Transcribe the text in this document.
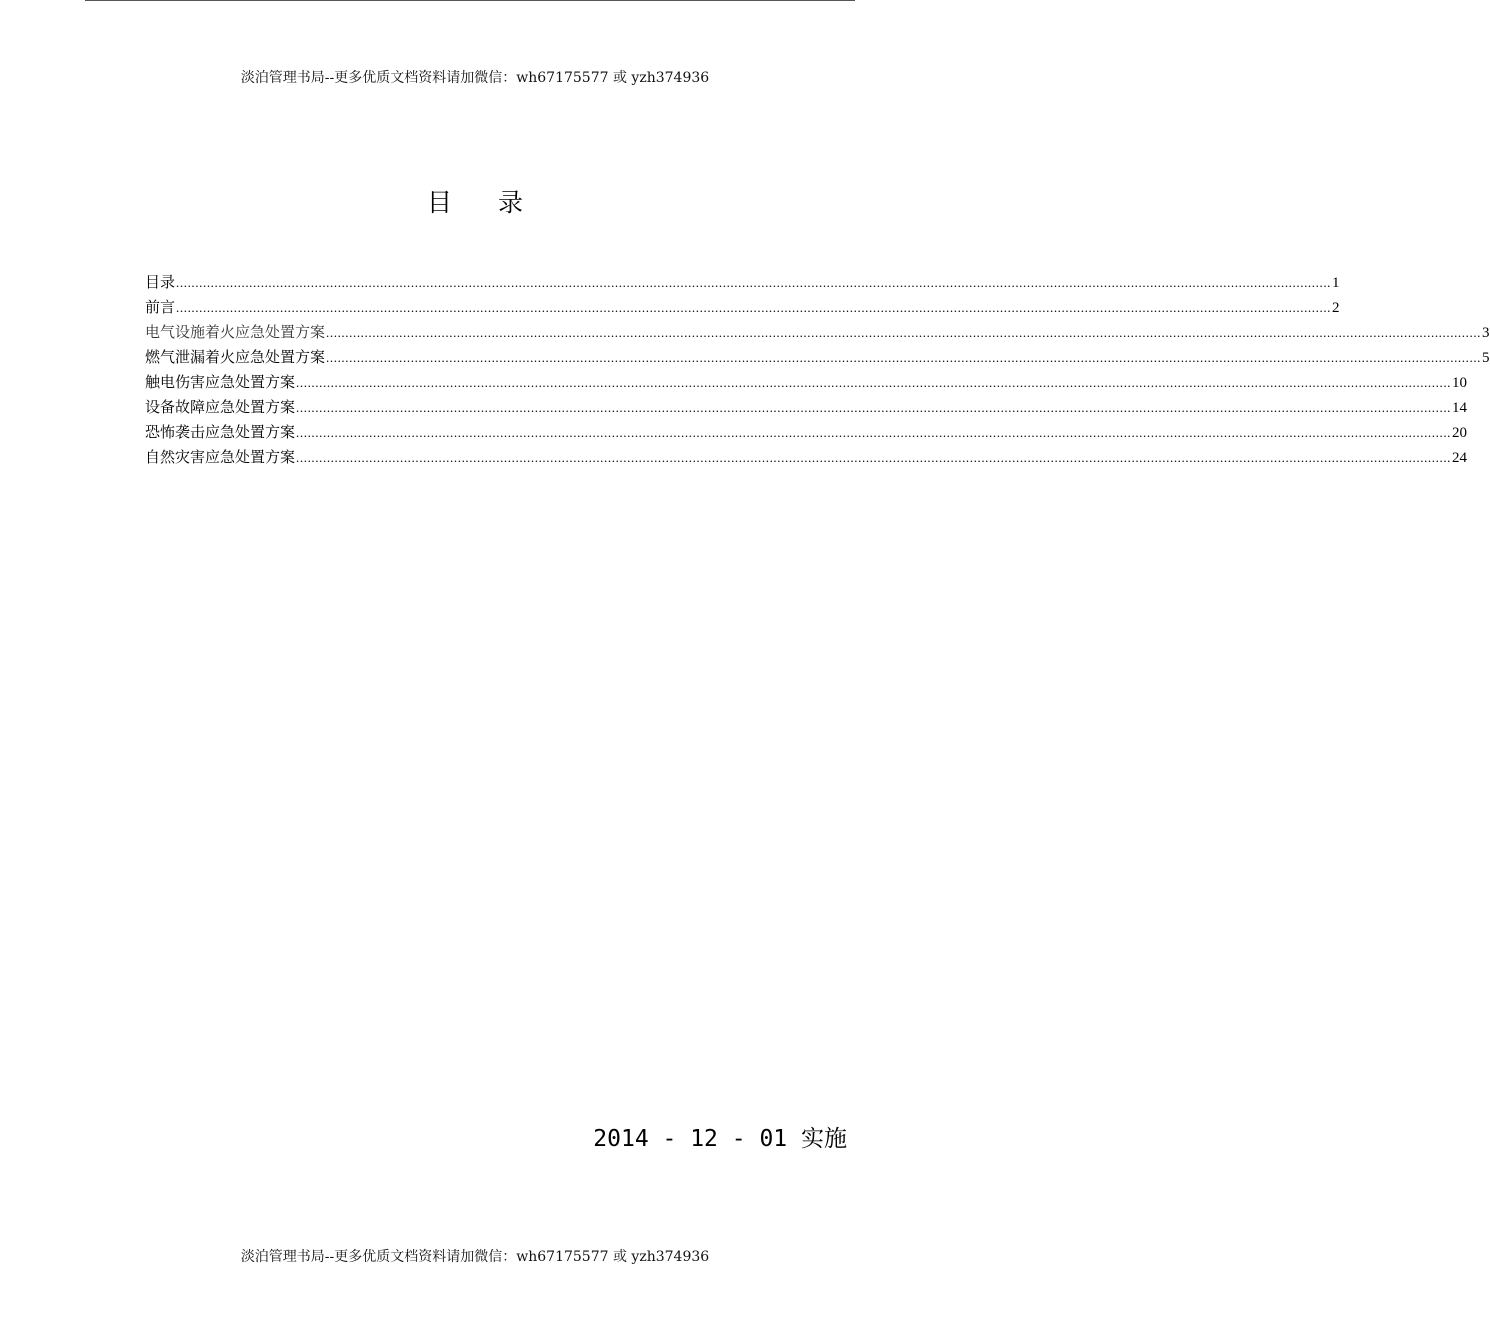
淡泊管理书局--更多优质文档资料请加微信：wh67175577 或 yzh374936
目录
目录 ............................................................................................................................................................................................................................................................................................................ 1
前言 ............................................................................................................................................................................................................................................................................................................ 2
电气设施着火应急处置方案 ............................................................................................................................................................................................................................................................................................................ 3
燃气泄漏着火应急处置方案 ............................................................................................................................................................................................................................................................................................................ 5
触电伤害应急处置方案 ............................................................................................................................................................................................................................................................................................................ 10
设备故障应急处置方案 ............................................................................................................................................................................................................................................................................................................ 14
恐怖袭击应急处置方案 ............................................................................................................................................................................................................................................................................................................ 20
自然灾害应急处置方案 ............................................................................................................................................................................................................................................................................................................ 24
2014 - 12 - 01 实施
淡泊管理书局--更多优质文档资料请加微信：wh67175577 或 yzh374936
